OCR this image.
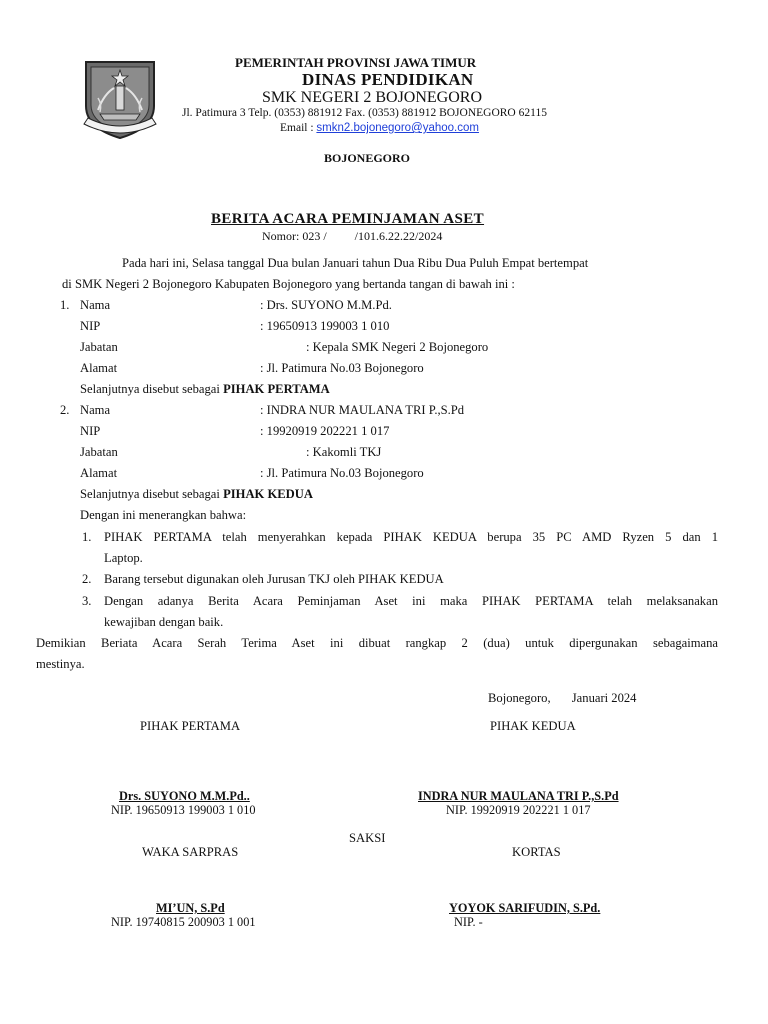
PEMERINTAH PROVINSI JAWA TIMUR
DINAS PENDIDIKAN
SMK NEGERI 2 BOJONEGORO
Jl. Patimura 3 Telp. (0353) 881912 Fax. (0353) 881912 BOJONEGORO 62115
Email : smkn2.bojonegoro@yahoo.com
BOJONEGORO
BERITA ACARA PEMINJAMAN ASET
Nomor: 023 / /101.6.22.22/2024
Pada hari ini, Selasa tanggal Dua bulan Januari tahun Dua Ribu Dua Puluh Empat bertempat
di SMK Negeri 2 Bojonegoro Kabupaten Bojonegoro yang bertanda tangan di bawah ini :
1. Nama	: Drs. SUYONO M.M.Pd.
NIP	: 19650913 199003 1 010
Jabatan	: Kepala SMK Negeri 2 Bojonegoro
Alamat	: Jl. Patimura No.03 Bojonegoro
Selanjutnya disebut sebagai PIHAK PERTAMA
2. Nama	: INDRA NUR MAULANA TRI P.,S.Pd
NIP	: 19920919 202221 1 017
Jabatan	: Kakomli TKJ
Alamat	: Jl. Patimura No.03 Bojonegoro
Selanjutnya disebut sebagai PIHAK KEDUA
Dengan ini menerangkan bahwa:
1. PIHAK PERTAMA telah menyerahkan kepada PIHAK KEDUA berupa 35 PC AMD Ryzen 5 dan 1
Laptop.
2. Barang tersebut digunakan oleh Jurusan TKJ oleh PIHAK KEDUA
3. Dengan adanya Berita Acara Peminjaman Aset ini maka PIHAK PERTAMA telah melaksanakan
kewajiban dengan baik.
Demikian Beriata Acara Serah Terima Aset ini dibuat rangkap 2 (dua) untuk dipergunakan sebagaimana
mestinya.
Bojonegoro, Januari 2024
PIHAK PERTAMA	PIHAK KEDUA
Drs. SUYONO M.M.Pd..
NIP. 19650913 199003 1 010
INDRA NUR MAULANA TRI P.,S.Pd
NIP. 19920919 202221 1 017
SAKSI
WAKA SARPRAS	KORTAS
MI’UN, S.Pd
NIP. 19740815 200903 1 001
YOYOK SARIFUDIN, S.Pd.
NIP. -
